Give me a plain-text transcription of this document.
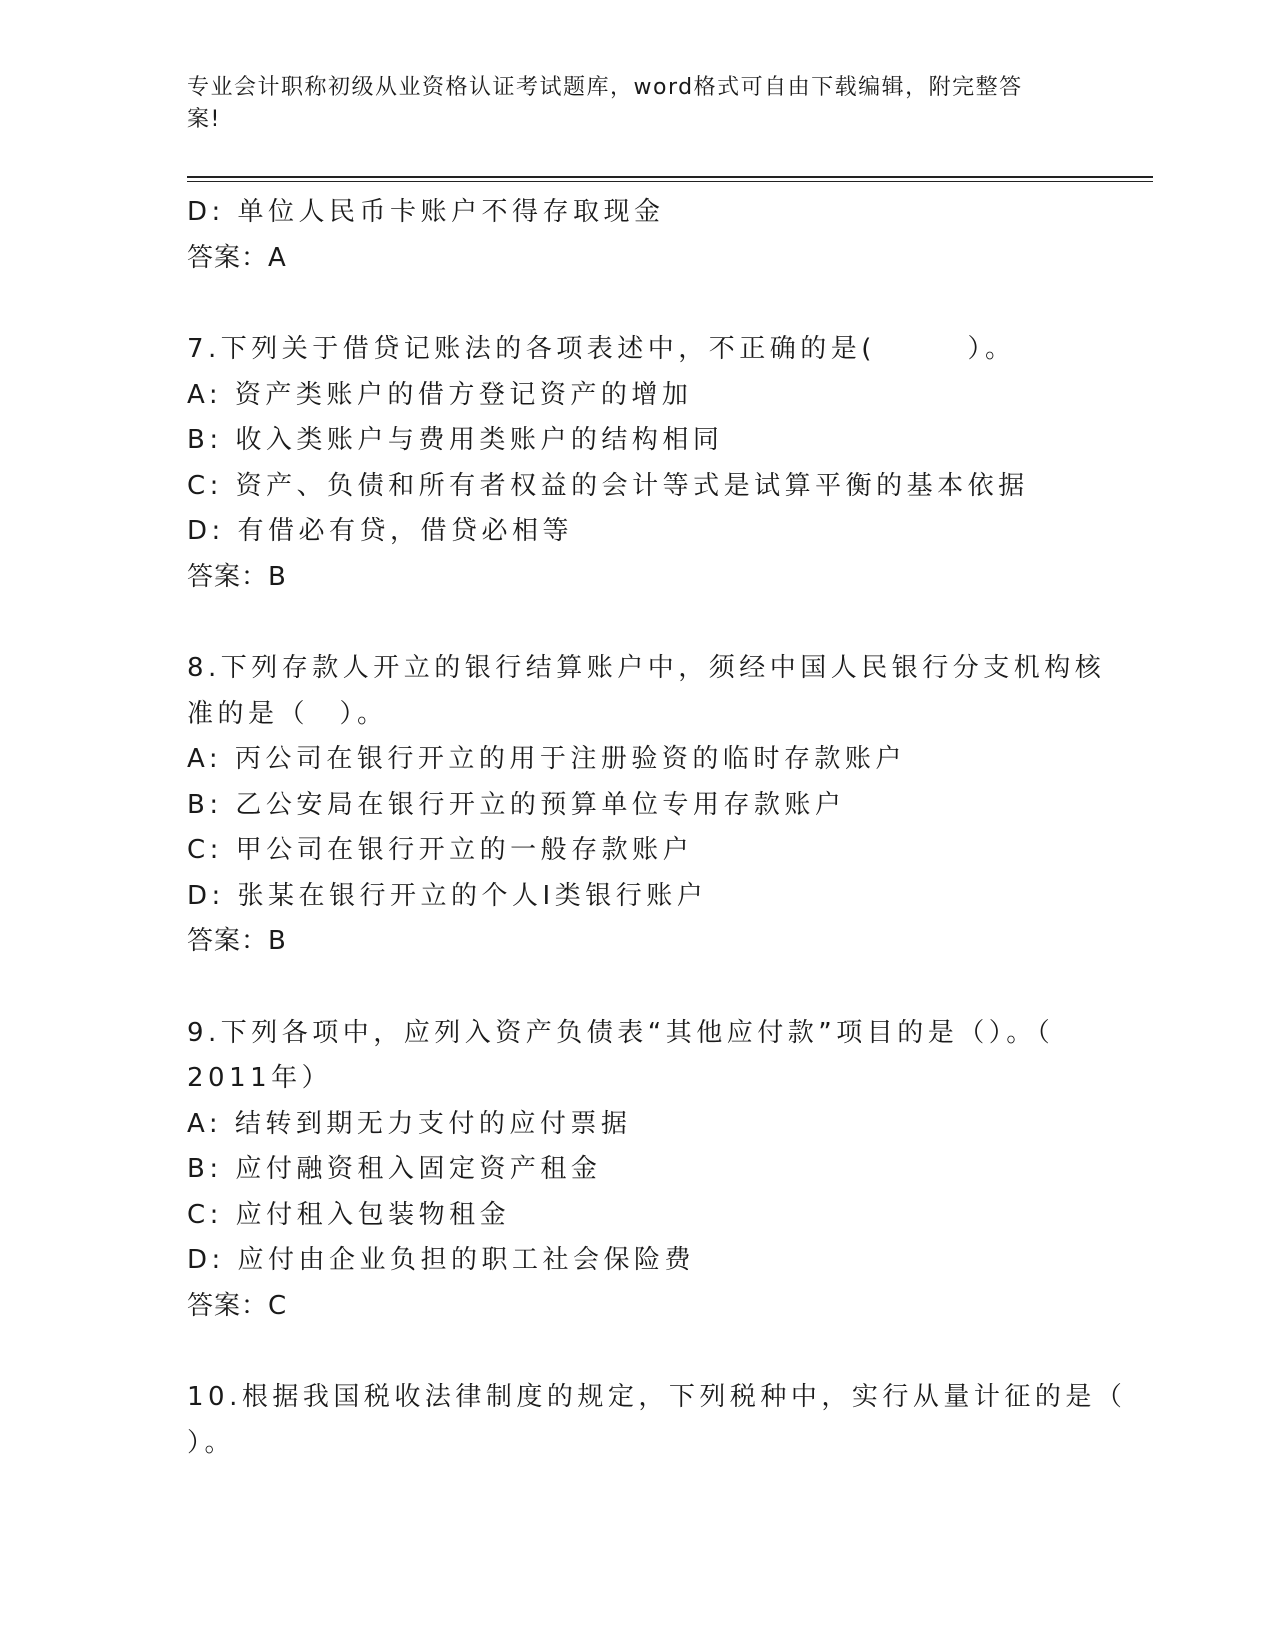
专业会计职称初级从业资格认证考试题库，word格式可自由下载编辑，附完整答
案!
D: 单位人民币卡账户不得存取现金
答案：A
7.下列关于借贷记账法的各项表述中，不正确的是(　　　）。
A: 资产类账户的借方登记资产的增加
B: 收入类账户与费用类账户的结构相同
C: 资产、负债和所有者权益的会计等式是试算平衡的基本依据
D: 有借必有贷，借贷必相等
答案：B
8.下列存款人开立的银行结算账户中，须经中国人民银行分支机构核
准的是（　）。
A: 丙公司在银行开立的用于注册验资的临时存款账户
B: 乙公安局在银行开立的预算单位专用存款账户
C: 甲公司在银行开立的一般存款账户
D: 张某在银行开立的个人Ⅰ类银行账户
答案：B
9.下列各项中，应列入资产负债表“其他应付款”项目的是（）。（
2011年）
A: 结转到期无力支付的应付票据
B: 应付融资租入固定资产租金
C: 应付租入包装物租金
D: 应付由企业负担的职工社会保险费
答案：C
10.根据我国税收法律制度的规定，下列税种中，实行从量计征的是（
）。
